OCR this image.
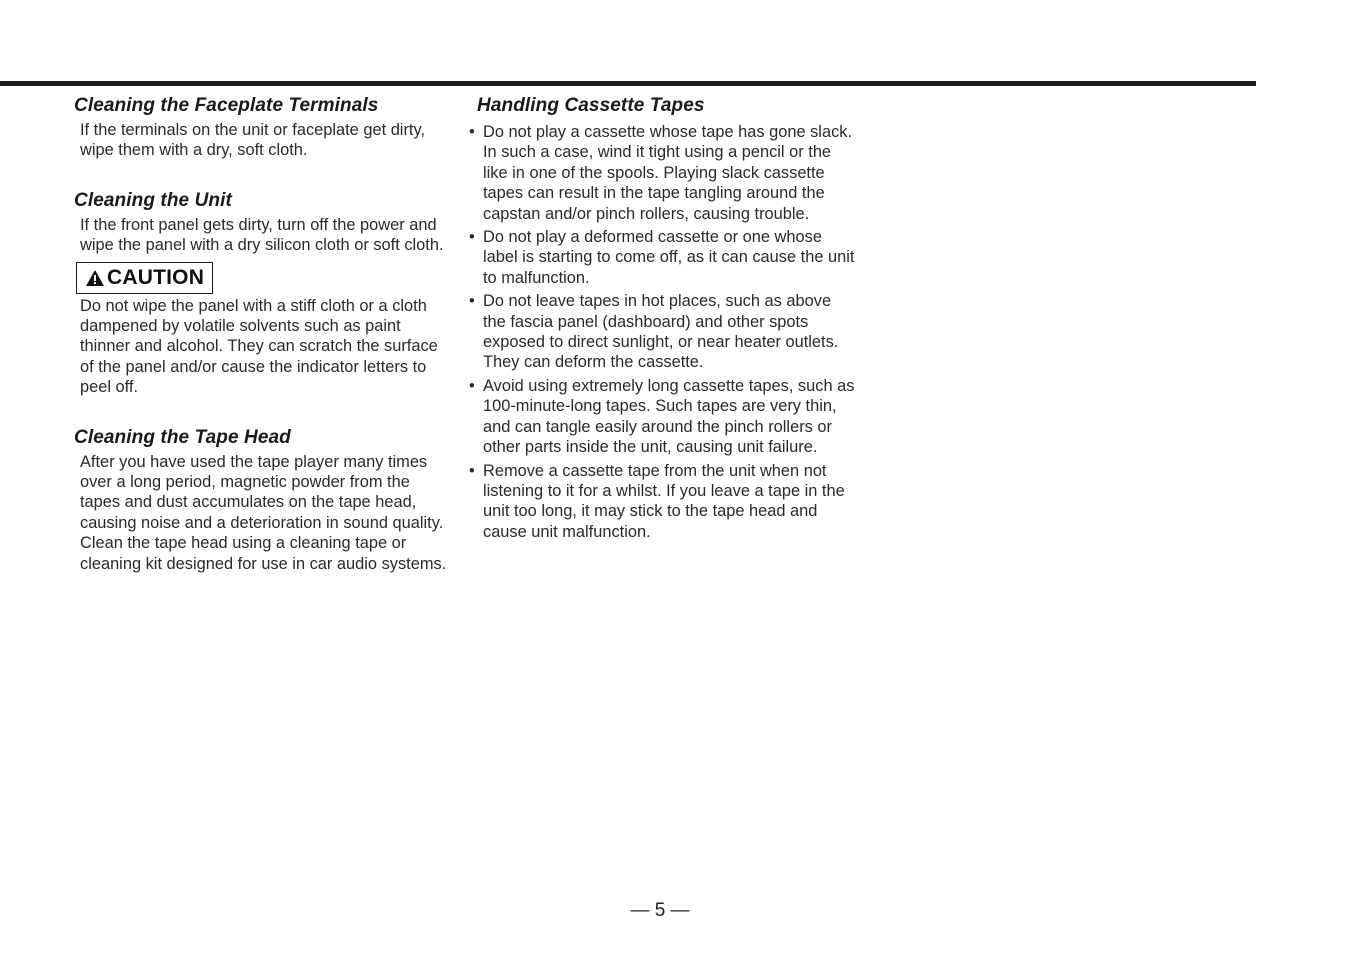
Cleaning the Faceplate Terminals

If the terminals on the unit or faceplate get dirty, wipe them with a dry, soft cloth.

Cleaning the Unit

If the front panel gets dirty, turn off the power and wipe the panel with a dry silicon cloth or soft cloth.

CAUTION

Do not wipe the panel with a stiff cloth or a cloth dampened by volatile solvents such as paint thinner and alcohol. They can scratch the surface of the panel and/or cause the indicator letters to peel off.

Cleaning the Tape Head

After you have used the tape player many times over a long period, magnetic powder from the tapes and dust accumulates on the tape head, causing noise and a deterioration in sound quality. Clean the tape head using a cleaning tape or cleaning kit designed for use in car audio systems.

Handling Cassette Tapes
• Do not play a cassette whose tape has gone slack. In such a case, wind it tight using a pencil or the like in one of the spools. Playing slack cassette tapes can result in the tape tangling around the capstan and/or pinch rollers, causing trouble.
• Do not play a deformed cassette or one whose label is starting to come off, as it can cause the unit to malfunction.
• Do not leave tapes in hot places, such as above the fascia panel (dashboard) and other spots exposed to direct sunlight, or near heater outlets. They can deform the cassette.
• Avoid using extremely long cassette tapes, such as 100-minute-long tapes. Such tapes are very thin, and can tangle easily around the pinch rollers or other parts inside the unit, causing unit failure.
• Remove a cassette tape from the unit when not listening to it for a whilst. If you leave a tape in the unit too long, it may stick to the tape head and cause unit malfunction.
— 5 —
